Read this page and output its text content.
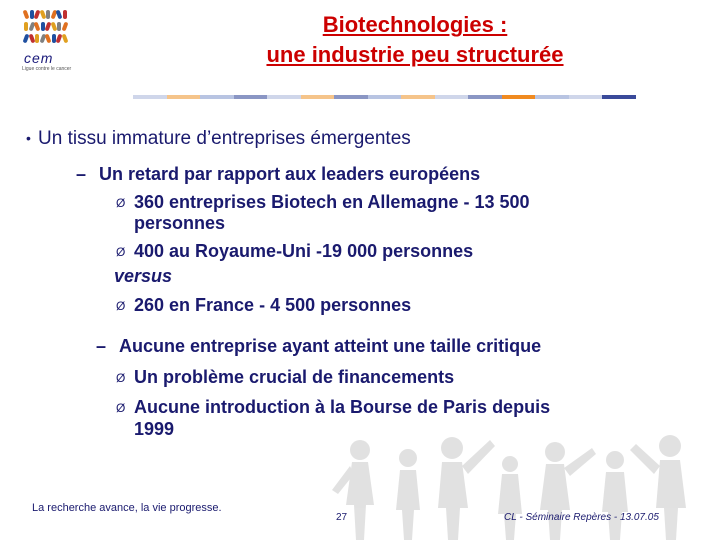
cem
Ligue contre le cancer
Biotechnologies :
une industrie peu structurée
• Un tissu immature d’entreprises émergentes
– Un retard par rapport aux leaders européens
Ø 360 entreprises Biotech en Allemagne - 13 500
personnes
Ø 400 au Royaume-Uni -19 000 personnes
versus
Ø 260 en France - 4 500 personnes
– Aucune entreprise ayant atteint une taille critique
Ø Un problème crucial de financements
Ø Aucune introduction à la Bourse de Paris depuis
1999
La recherche avance, la vie progresse.
27	CL - Séminaire Repères - 13.07.05
